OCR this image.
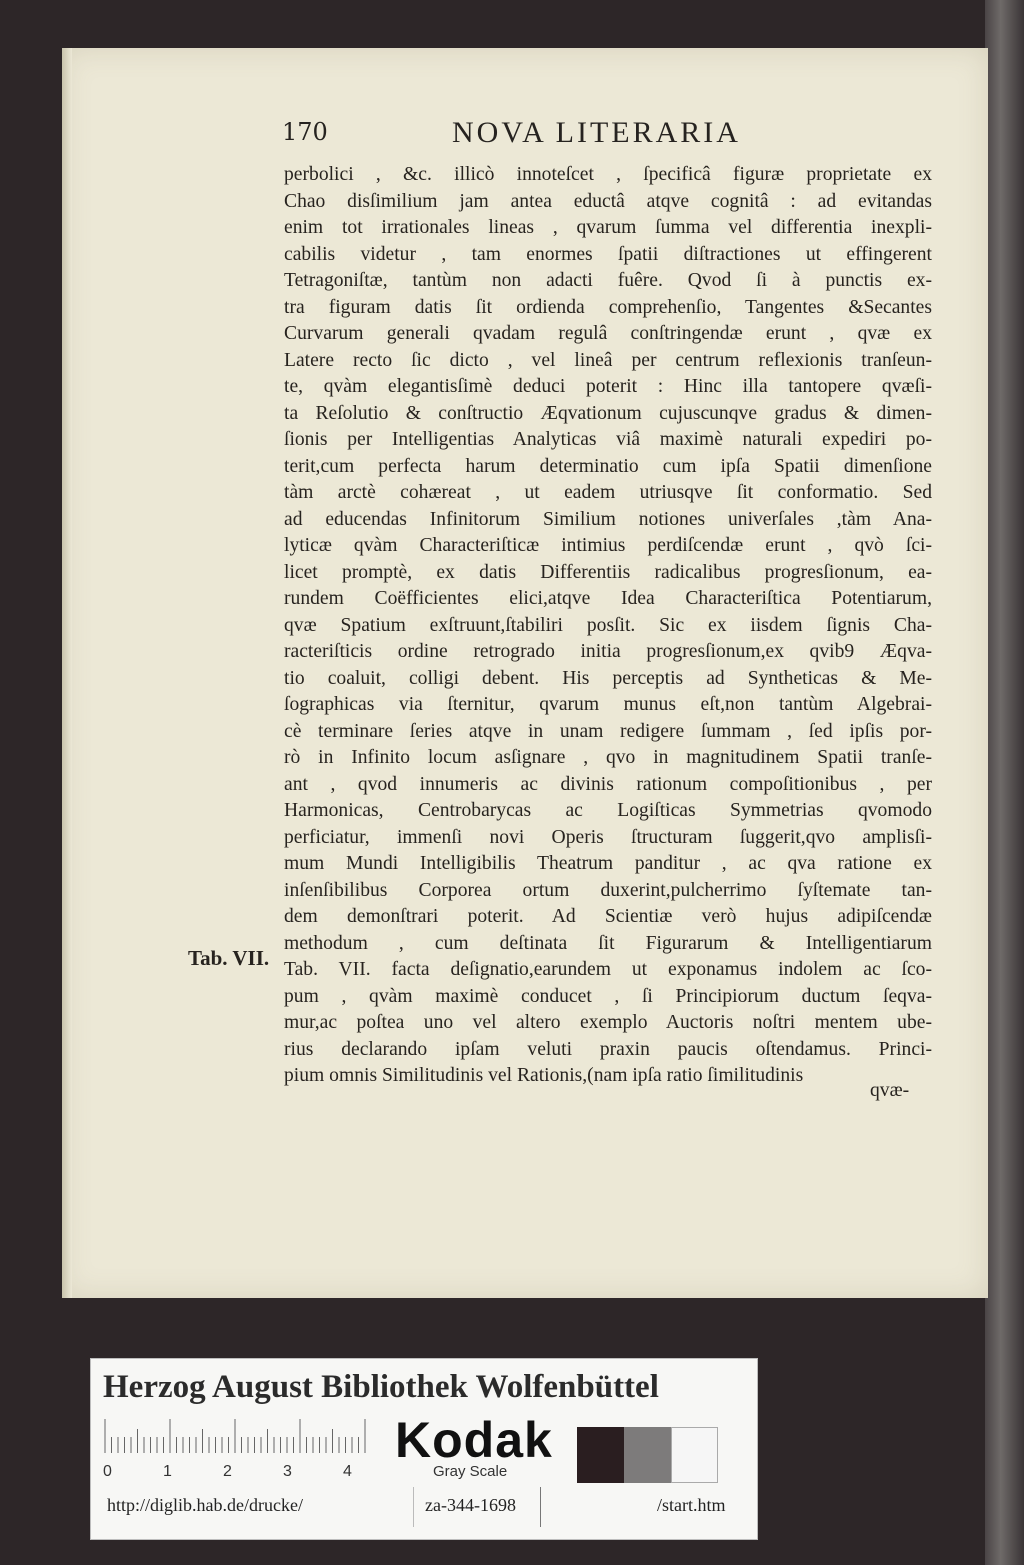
170	NOVA LITERARIA
perbolici , &c. illicò innoteſcet , ſpecificâ figuræ proprietate ex
Chao disſimilium jam antea eductâ atqve cognitâ : ad evitandas
enim tot irrationales lineas , qvarum ſumma vel differentia inexpli-
cabilis videtur , tam enormes ſpatii diſtractiones ut effingerent
Tetragoniſtæ, tantùm non adacti fuêre. Qvod ſi à punctis ex-
tra figuram datis ſit ordienda comprehenſio, Tangentes &Secantes
Curvarum generali qvadam regulâ conſtringendæ erunt , qvæ ex
Latere recto ſic dicto , vel lineâ per centrum reflexionis tranſeun-
te, qvàm elegantisſimè deduci poterit : Hinc illa tantopere qvæſi-
ta Reſolutio & conſtructio Æqvationum cujuscunqve gradus & dimen-
ſionis per Intelligentias Analyticas viâ maximè naturali expediri po-
terit,cum perfecta harum determinatio cum ipſa Spatii dimenſione
tàm arctè cohæreat , ut eadem utriusqve ſit conformatio. Sed
ad educendas Infinitorum Similium notiones univerſales ,tàm Ana-
lyticæ qvàm Characteriſticæ intimius perdiſcendæ erunt , qvò ſci-
licet promptè, ex datis Differentiis radicalibus progresſionum, ea-
rundem Coëfficientes elici,atqve Idea Characteriſtica Potentiarum,
qvæ Spatium exſtruunt,ſtabiliri posſit. Sic ex iisdem ſignis Cha-
racteriſticis ordine retrogrado initia progresſionum,ex qvib9 Æqva-
tio coaluit, colligi debent. His perceptis ad Syntheticas & Me-
ſographicas via ſternitur, qvarum munus eſt,non tantùm Algebrai-
cè terminare ſeries atqve in unam redigere ſummam , ſed ipſis por-
rò in Infinito locum asſignare , qvo in magnitudinem Spatii tranſe-
ant , qvod innumeris ac divinis rationum compoſitionibus , per
Harmonicas, Centrobarycas ac Logiſticas Symmetrias qvomodo
perficiatur, immenſi novi Operis ſtructuram ſuggerit,qvo amplisſi-
mum Mundi Intelligibilis Theatrum panditur , ac qva ratione ex
inſenſibilibus Corporea ortum duxerint,pulcherrimo ſyſtemate tan-
dem demonſtrari poterit. Ad Scientiæ verò hujus adipiſcendæ
methodum , cum deſtinata ſit Figurarum & Intelligentiarum
Tab. VII. facta deſignatio,earundem ut exponamus indolem ac ſco-
pum , qvàm maximè conducet , ſi Principiorum ductum ſeqva-
mur,ac poſtea uno vel altero exemplo Auctoris noſtri mentem ube-
rius declarando ipſam veluti praxin paucis oſtendamus. Princi-
pium omnis Similitudinis vel Rationis,(nam ipſa ratio ſimilitudinis
Tab. VII.
qvæ-
Herzog August Bibliothek Wolfenbüttel
0	1	2	3	4
Kodak
Gray Scale
http://diglib.hab.de/drucke/	za-344-1698	/start.htm
